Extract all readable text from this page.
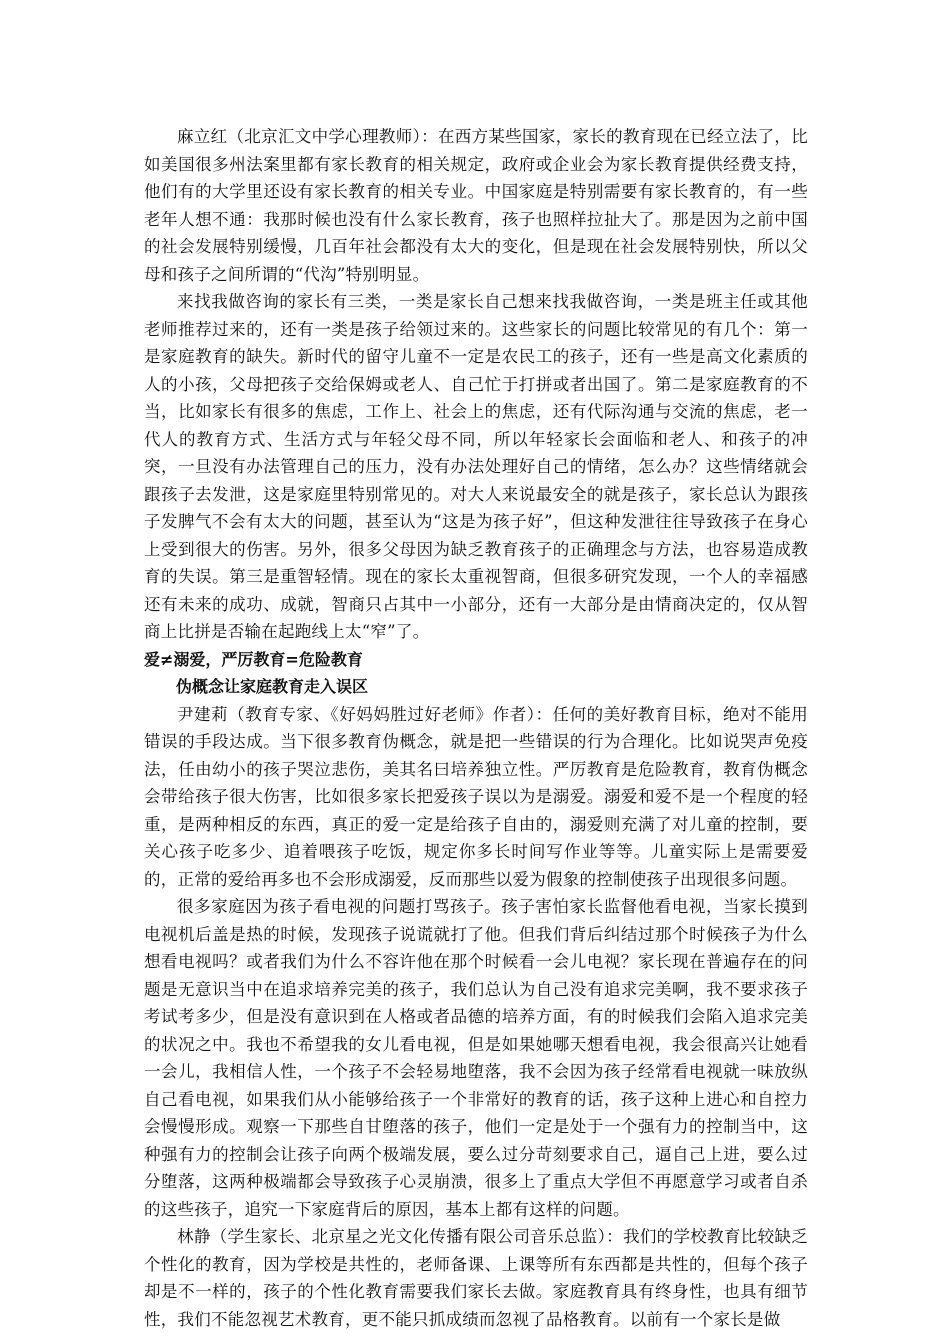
麻立红（北京汇文中学心理教师）：在西方某些国家，家长的教育现在已经立法了，比如美国很多州法案里都有家长教育的相关规定，政府或企业会为家长教育提供经费支持，他们有的大学里还设有家长教育的相关专业。中国家庭是特别需要有家长教育的，有一些老年人想不通：我那时候也没有什么家长教育，孩子也照样拉扯大了。那是因为之前中国的社会发展特别缓慢，几百年社会都没有太大的变化，但是现在社会发展特别快，所以父母和孩子之间所谓的“代沟”特别明显。

来找我做咨询的家长有三类，一类是家长自己想来找我做咨询，一类是班主任或其他老师推荐过来的，还有一类是孩子给领过来的。这些家长的问题比较常见的有几个：第一是家庭教育的缺失。新时代的留守儿童不一定是农民工的孩子，还有一些是高文化素质的人的小孩，父母把孩子交给保姆或老人、自己忙于打拼或者出国了。第二是家庭教育的不当，比如家长有很多的焦虑，工作上、社会上的焦虑，还有代际沟通与交流的焦虑，老一代人的教育方式、生活方式与年轻父母不同，所以年轻家长会面临和老人、和孩子的冲突，一旦没有办法管理自己的压力，没有办法处理好自己的情绪，怎么办？这些情绪就会跟孩子去发泄，这是家庭里特别常见的。对大人来说最安全的就是孩子，家长总认为跟孩子发脾气不会有太大的问题，甚至认为“这是为孩子好”，但这种发泄往往导致孩子在身心上受到很大的伤害。另外，很多父母因为缺乏教育孩子的正确理念与方法，也容易造成教育的失误。第三是重智轻情。现在的家长太重视智商，但很多研究发现，一个人的幸福感还有未来的成功、成就，智商只占其中一小部分，还有一大部分是由情商决定的，仅从智商上比拼是否输在起跑线上太“窄”了。

爱≠溺爱，严厉教育=危险教育

伪概念让家庭教育走入误区

尹建莉（教育专家、《好妈妈胜过好老师》作者）：任何的美好教育目标，绝对不能用错误的手段达成。当下很多教育伪概念，就是把一些错误的行为合理化。比如说哭声免疫法，任由幼小的孩子哭泣悲伤，美其名曰培养独立性。严厉教育是危险教育，教育伪概念会带给孩子很大伤害，比如很多家长把爱孩子误以为是溺爱。溺爱和爱不是一个程度的轻重，是两种相反的东西，真正的爱一定是给孩子自由的，溺爱则充满了对儿童的控制，要关心孩子吃多少、追着喂孩子吃饭，规定你多长时间写作业等等。儿童实际上是需要爱的，正常的爱给再多也不会形成溺爱，反而那些以爱为假象的控制使孩子出现很多问题。

很多家庭因为孩子看电视的问题打骂孩子。孩子害怕家长监督他看电视，当家长摸到电视机后盖是热的时候，发现孩子说谎就打了他。但我们背后纠结过那个时候孩子为什么想看电视吗？或者我们为什么不容许他在那个时候看一会儿电视？家长现在普遍存在的问题是无意识当中在追求培养完美的孩子，我们总认为自己没有追求完美啊，我不要求孩子考试考多少，但是没有意识到在人格或者品德的培养方面，有的时候我们会陷入追求完美的状况之中。我也不希望我的女儿看电视，但是如果她哪天想看电视，我会很高兴让她看一会儿，我相信人性，一个孩子不会轻易地堕落，我不会因为孩子经常看电视就一味放纵自己看电视，如果我们从小能够给孩子一个非常好的教育的话，孩子这种上进心和自控力会慢慢形成。观察一下那些自甘堕落的孩子，他们一定是处于一个强有力的控制当中，这种强有力的控制会让孩子向两个极端发展，要么过分苛刻要求自己，逼自己上进，要么过分堕落，这两种极端都会导致孩子心灵崩溃，很多上了重点大学但不再愿意学习或者自杀的这些孩子，追究一下家庭背后的原因，基本上都有这样的问题。

林静（学生家长、北京星之光文化传播有限公司音乐总监）：我们的学校教育比较缺乏个性化的教育，因为学校是共性的，老师备课、上课等所有东西都是共性的，但每个孩子却是不一样的，孩子的个性化教育需要我们家长去做。家庭教育具有终身性，也具有细节性，我们不能忽视艺术教育，更不能只抓成绩而忽视了品格教育。以前有一个家长是做
